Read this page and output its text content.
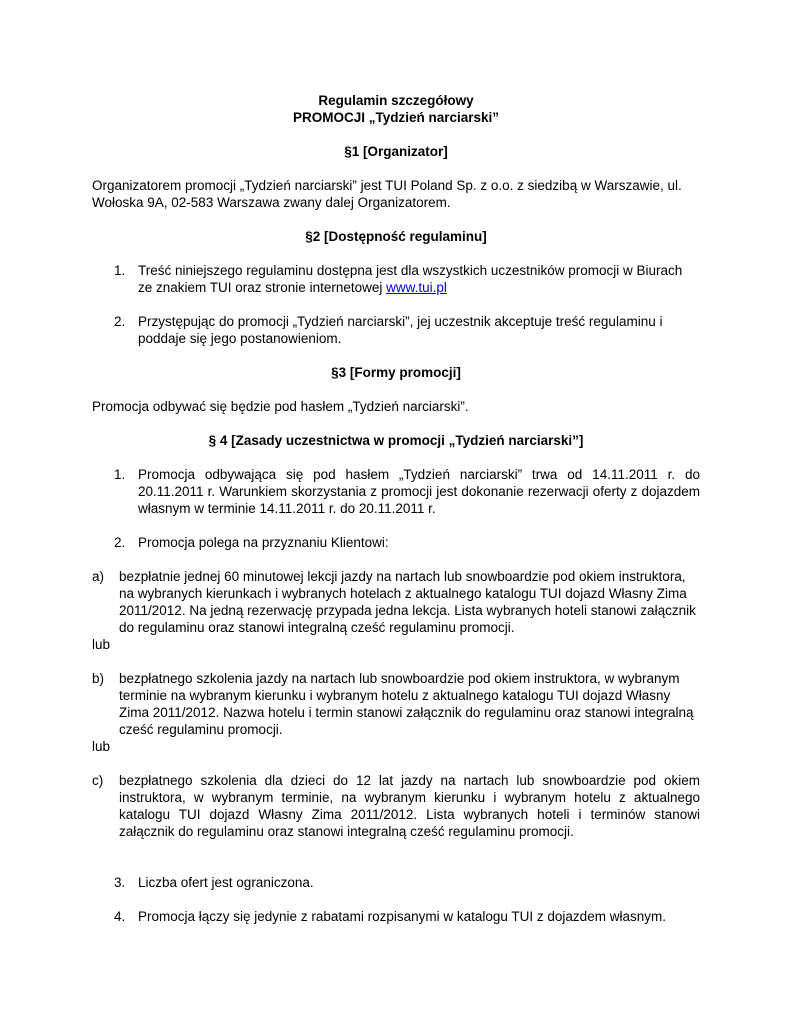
Regulamin szczegółowy
PROMOCJI „Tydzień narciarski”
§1 [Organizator]

Organizatorem promocji „Tydzień narciarski” jest TUI Poland Sp. z o.o. z siedzibą w Warszawie, ul. Wołoska 9A, 02-583 Warszawa zwany dalej Organizatorem.

§2 [Dostępność regulaminu]
1. Treść niniejszego regulaminu dostępna jest dla wszystkich uczestników promocji w Biurach ze znakiem TUI oraz stronie internetowej www.tui.pl
2. Przystępując do promocji „Tydzień narciarski”, jej uczestnik akceptuje treść regulaminu i poddaje się jego postanowieniom.
§3 [Formy promocji]

Promocja odbywać się będzie pod hasłem „Tydzień narciarski”.

§ 4 [Zasady uczestnictwa w promocji „Tydzień narciarski”]
1. Promocja odbywająca się pod hasłem „Tydzień narciarski” trwa od 14.11.2011 r. do 20.11.2011 r. Warunkiem skorzystania z promocji jest dokonanie rezerwacji oferty z dojazdem własnym w terminie 14.11.2011 r. do 20.11.2011 r.
2. Promocja polega na przyznaniu Klientowi:
a) bezpłatnie jednej 60 minutowej lekcji jazdy na nartach lub snowboardzie pod okiem instruktora, na wybranych kierunkach i wybranych hotelach z aktualnego katalogu TUI dojazd Własny Zima 2011/2012. Na jedną rezerwację przypada jedna lekcja. Lista wybranych hoteli stanowi załącznik do regulaminu oraz stanowi integralną cześć regulaminu promocji.
lub
b) bezpłatnego szkolenia jazdy na nartach lub snowboardzie pod okiem instruktora, w wybranym terminie na wybranym kierunku i wybranym hotelu z aktualnego katalogu TUI dojazd Własny Zima 2011/2012. Nazwa hotelu i termin stanowi załącznik do regulaminu oraz stanowi integralną cześć regulaminu promocji.
lub
c) bezpłatnego szkolenia dla dzieci do 12 lat jazdy na nartach lub snowboardzie pod okiem instruktora, w wybranym terminie, na wybranym kierunku i wybranym hotelu z aktualnego katalogu TUI dojazd Własny Zima 2011/2012. Lista wybranych hoteli i terminów stanowi załącznik do regulaminu oraz stanowi integralną cześć regulaminu promocji.
3. Liczba ofert jest ograniczona.
4. Promocja łączy się jedynie z rabatami rozpisanymi w katalogu TUI z dojazdem własnym.
